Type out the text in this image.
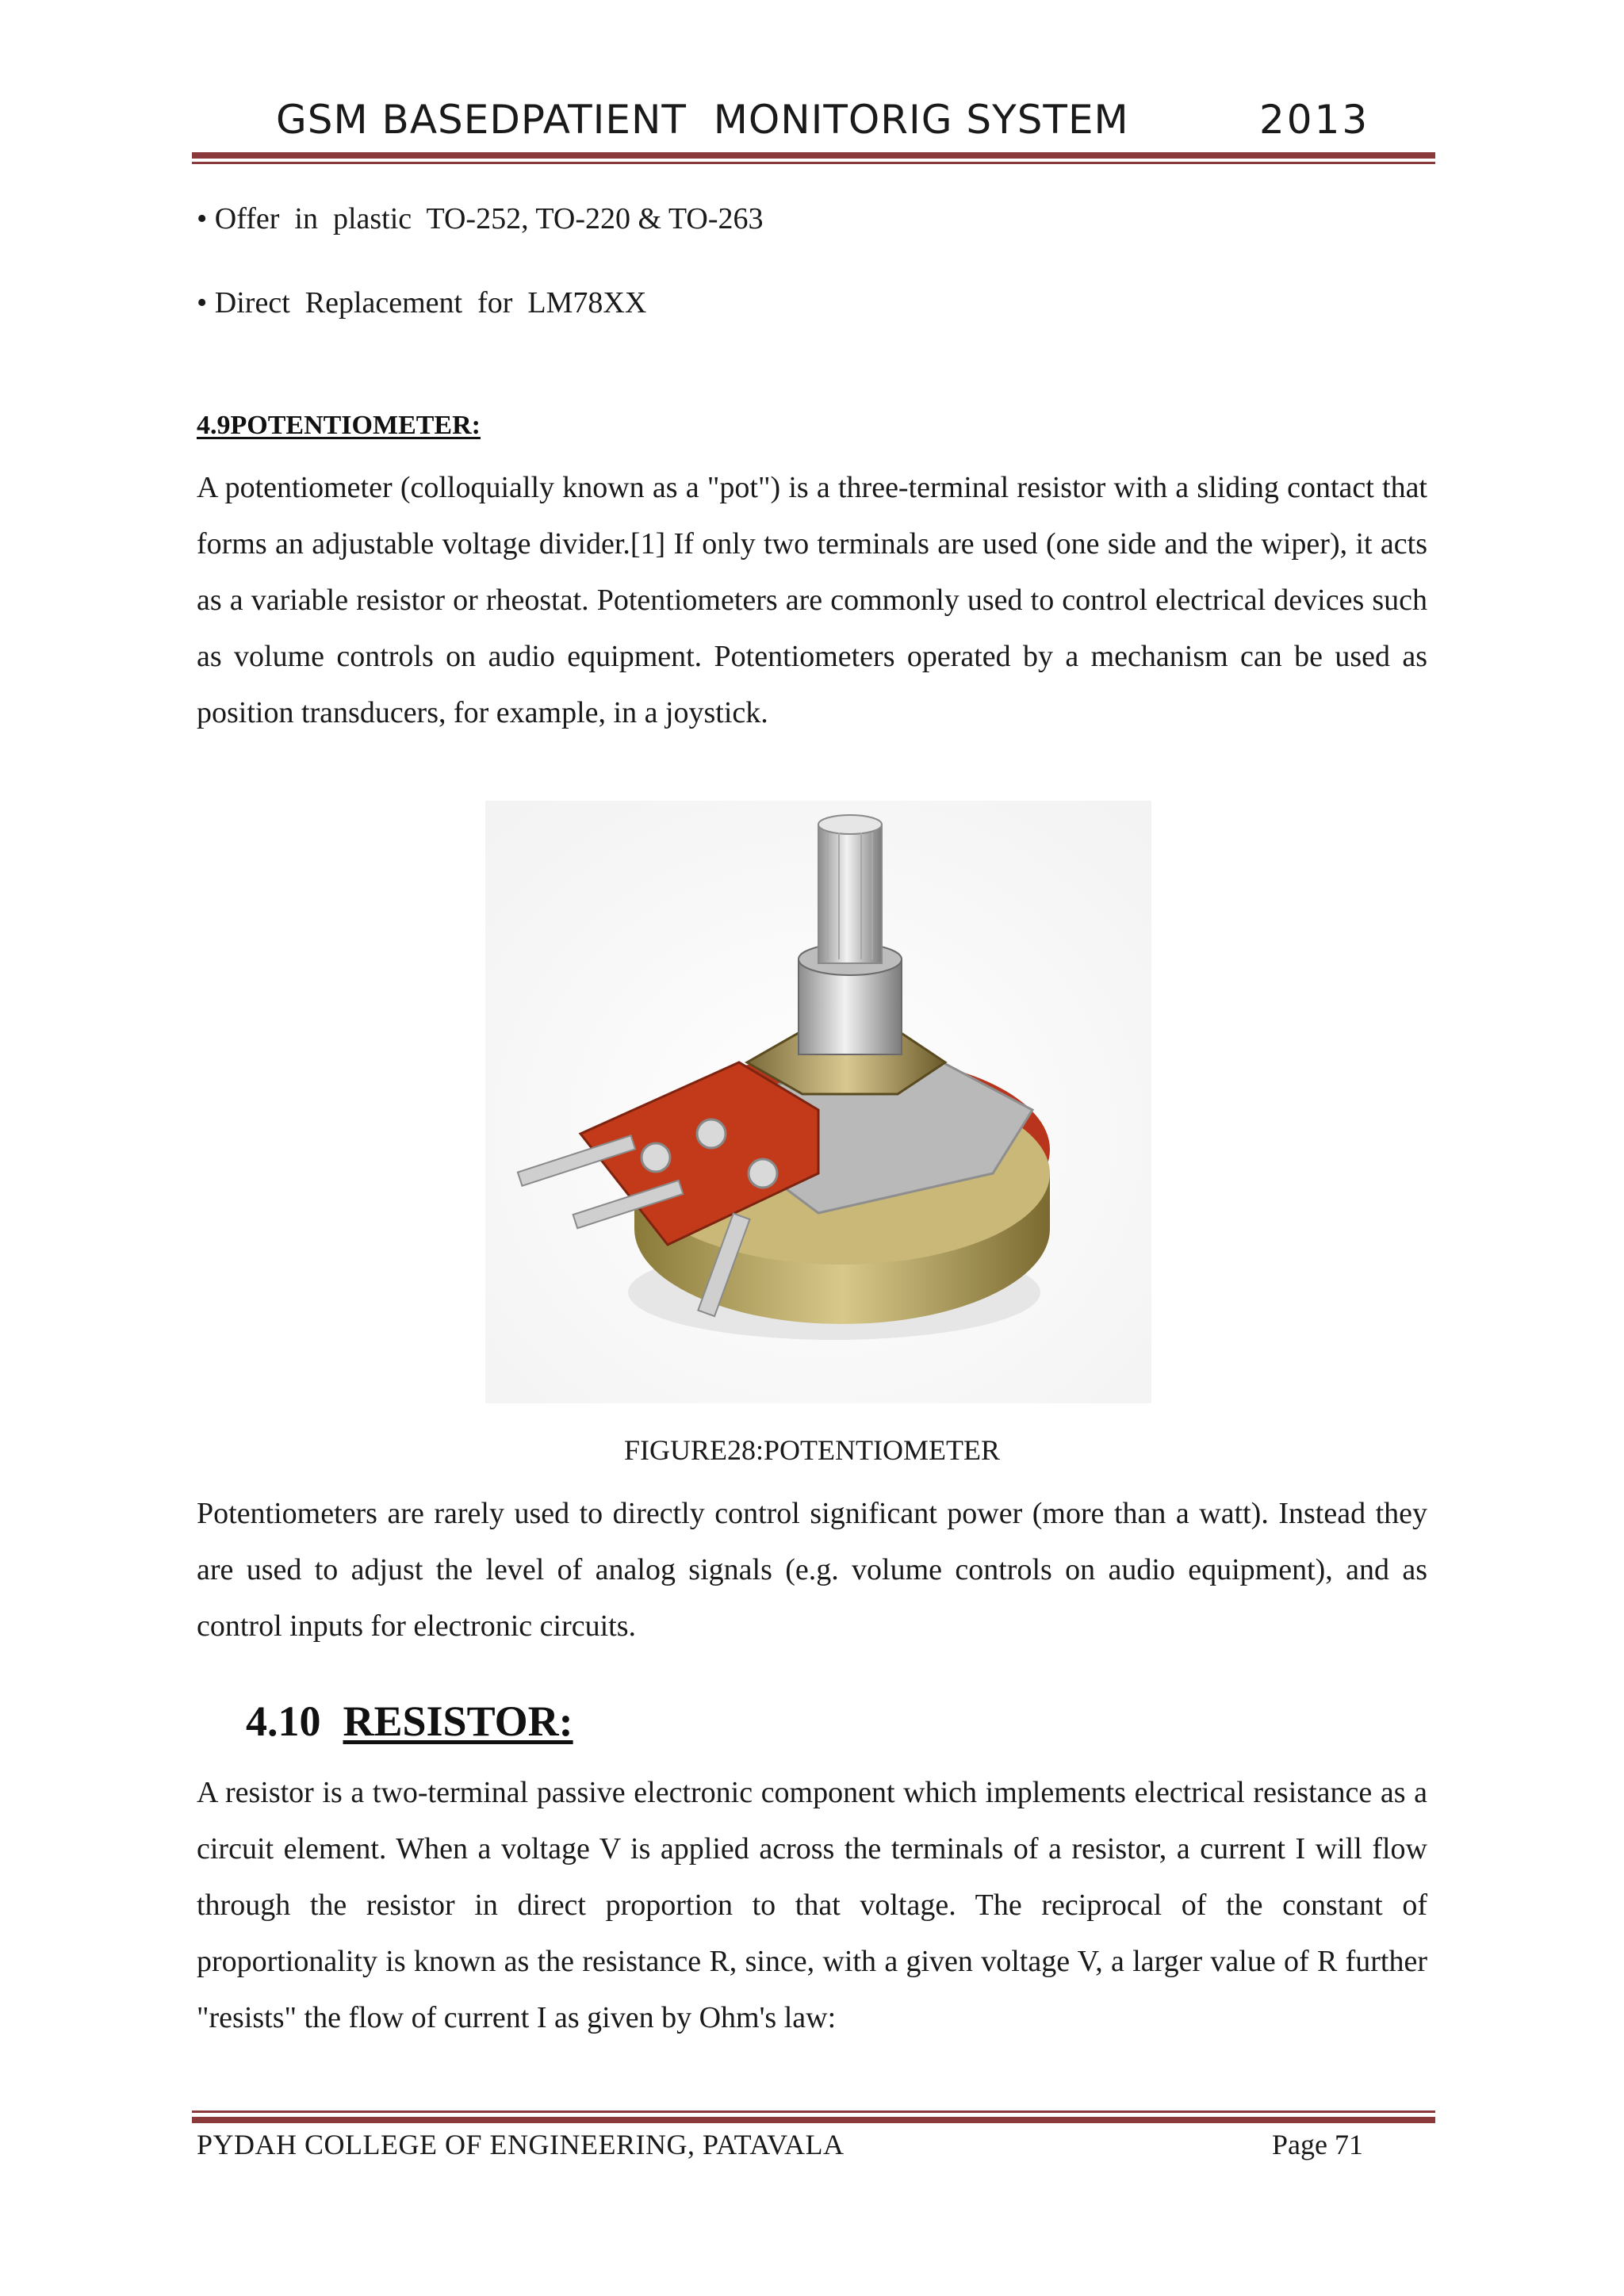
GSM BASEDPATIENT  MONITORIG SYSTEM	2013
• Offer  in  plastic  TO-252, TO-220 & TO-263
• Direct  Replacement  for  LM78XX
4.9POTENTIOMETER:
A potentiometer (colloquially known as a "pot") is a three-terminal resistor with a sliding contact that forms an adjustable voltage divider.[1] If only two terminals are used (one side and the wiper), it acts as a variable resistor or rheostat. Potentiometers are commonly used to control electrical devices such as volume controls on audio equipment. Potentiometers operated by a mechanism can be used as position transducers, for example, in a joystick.
FIGURE28:POTENTIOMETER
Potentiometers are rarely used to directly control significant power (more than a watt). Instead they are used to adjust the level of analog signals (e.g. volume controls on audio equipment), and as control inputs for electronic circuits.
4.10 RESISTOR:
A resistor is a two-terminal passive electronic component which implements electrical resistance as a circuit element. When a voltage V is applied across the terminals of a resistor, a current I will flow through the resistor in direct proportion to that voltage. The reciprocal of the constant of proportionality is known as the resistance R, since, with a given voltage V, a larger value of R further "resists" the flow of current I as given by Ohm's law:
PYDAH COLLEGE OF ENGINEERING, PATAVALA	Page 71
